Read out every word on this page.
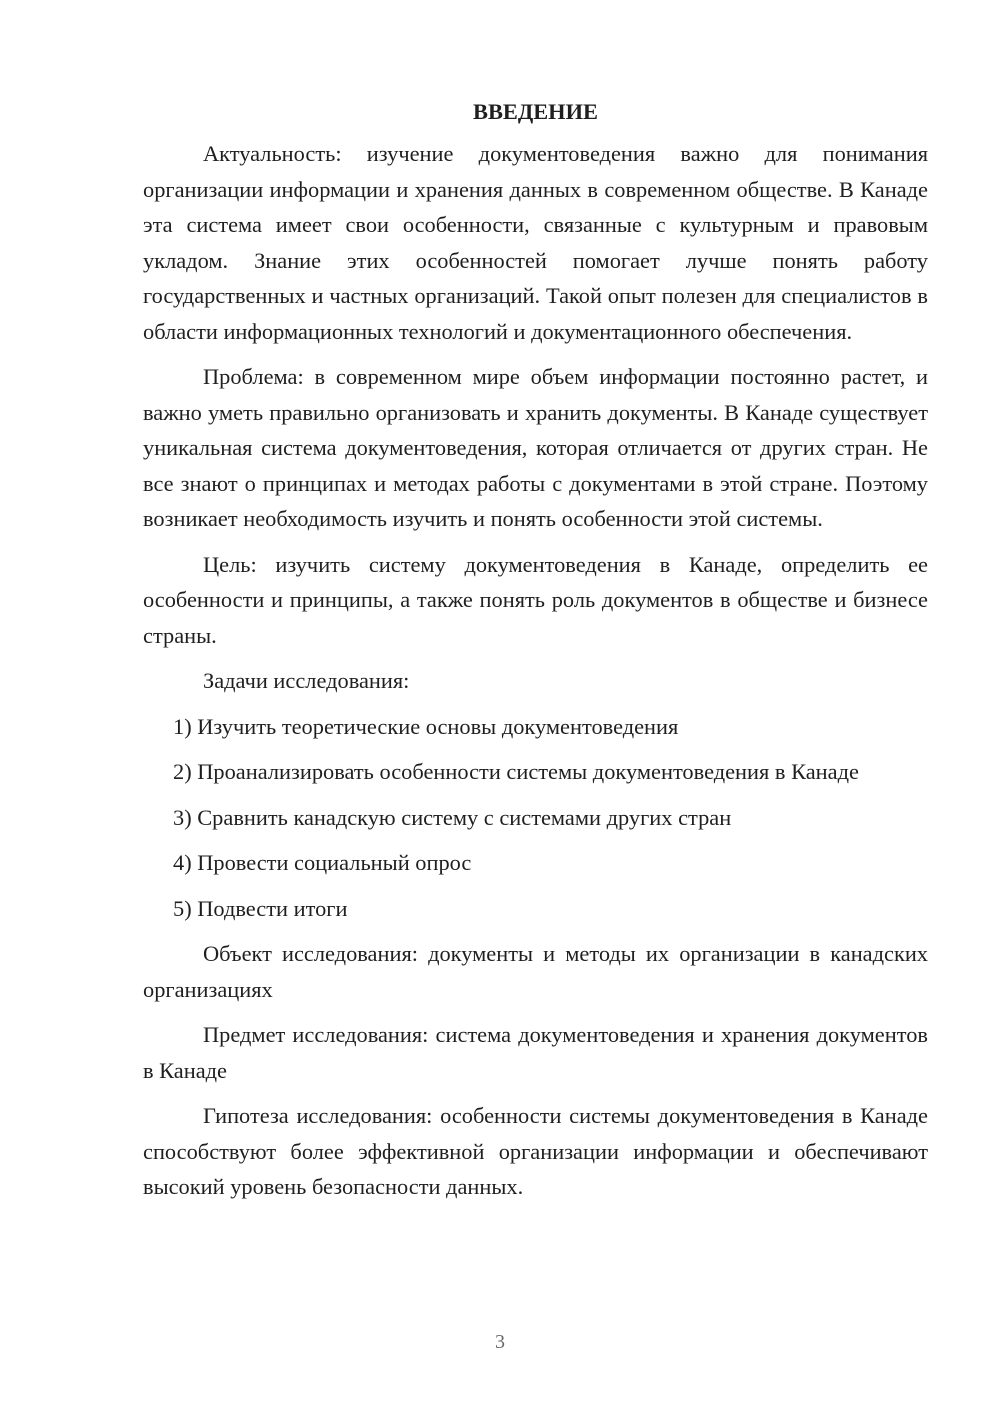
ВВЕДЕНИЕ

Актуальность: изучение документоведения важно для понимания организации информации и хранения данных в современном обществе. В Канаде эта система имеет свои особенности, связанные с культурным и правовым укладом. Знание этих особенностей помогает лучше понять работу государственных и частных организаций. Такой опыт полезен для специалистов в области информационных технологий и документационного обеспечения.

Проблема: в современном мире объем информации постоянно растет, и важно уметь правильно организовать и хранить документы. В Канаде существует уникальная система документоведения, которая отличается от других стран. Не все знают о принципах и методах работы с документами в этой стране. Поэтому возникает необходимость изучить и понять особенности этой системы.

Цель: изучить систему документоведения в Канаде, определить ее особенности и принципы, а также понять роль документов в обществе и бизнесе страны.

Задачи исследования:

1) Изучить теоретические основы документоведения

2) Проанализировать особенности системы документоведения в Канаде

3) Сравнить канадскую систему с системами других стран

4) Провести социальный опрос

5) Подвести итоги

Объект исследования: документы и методы их организации в канадских организациях

Предмет исследования: система документоведения и хранения документов в Канаде

Гипотеза исследования: особенности системы документоведения в Канаде способствуют более эффективной организации информации и обеспечивают высокий уровень безопасности данных.

3
